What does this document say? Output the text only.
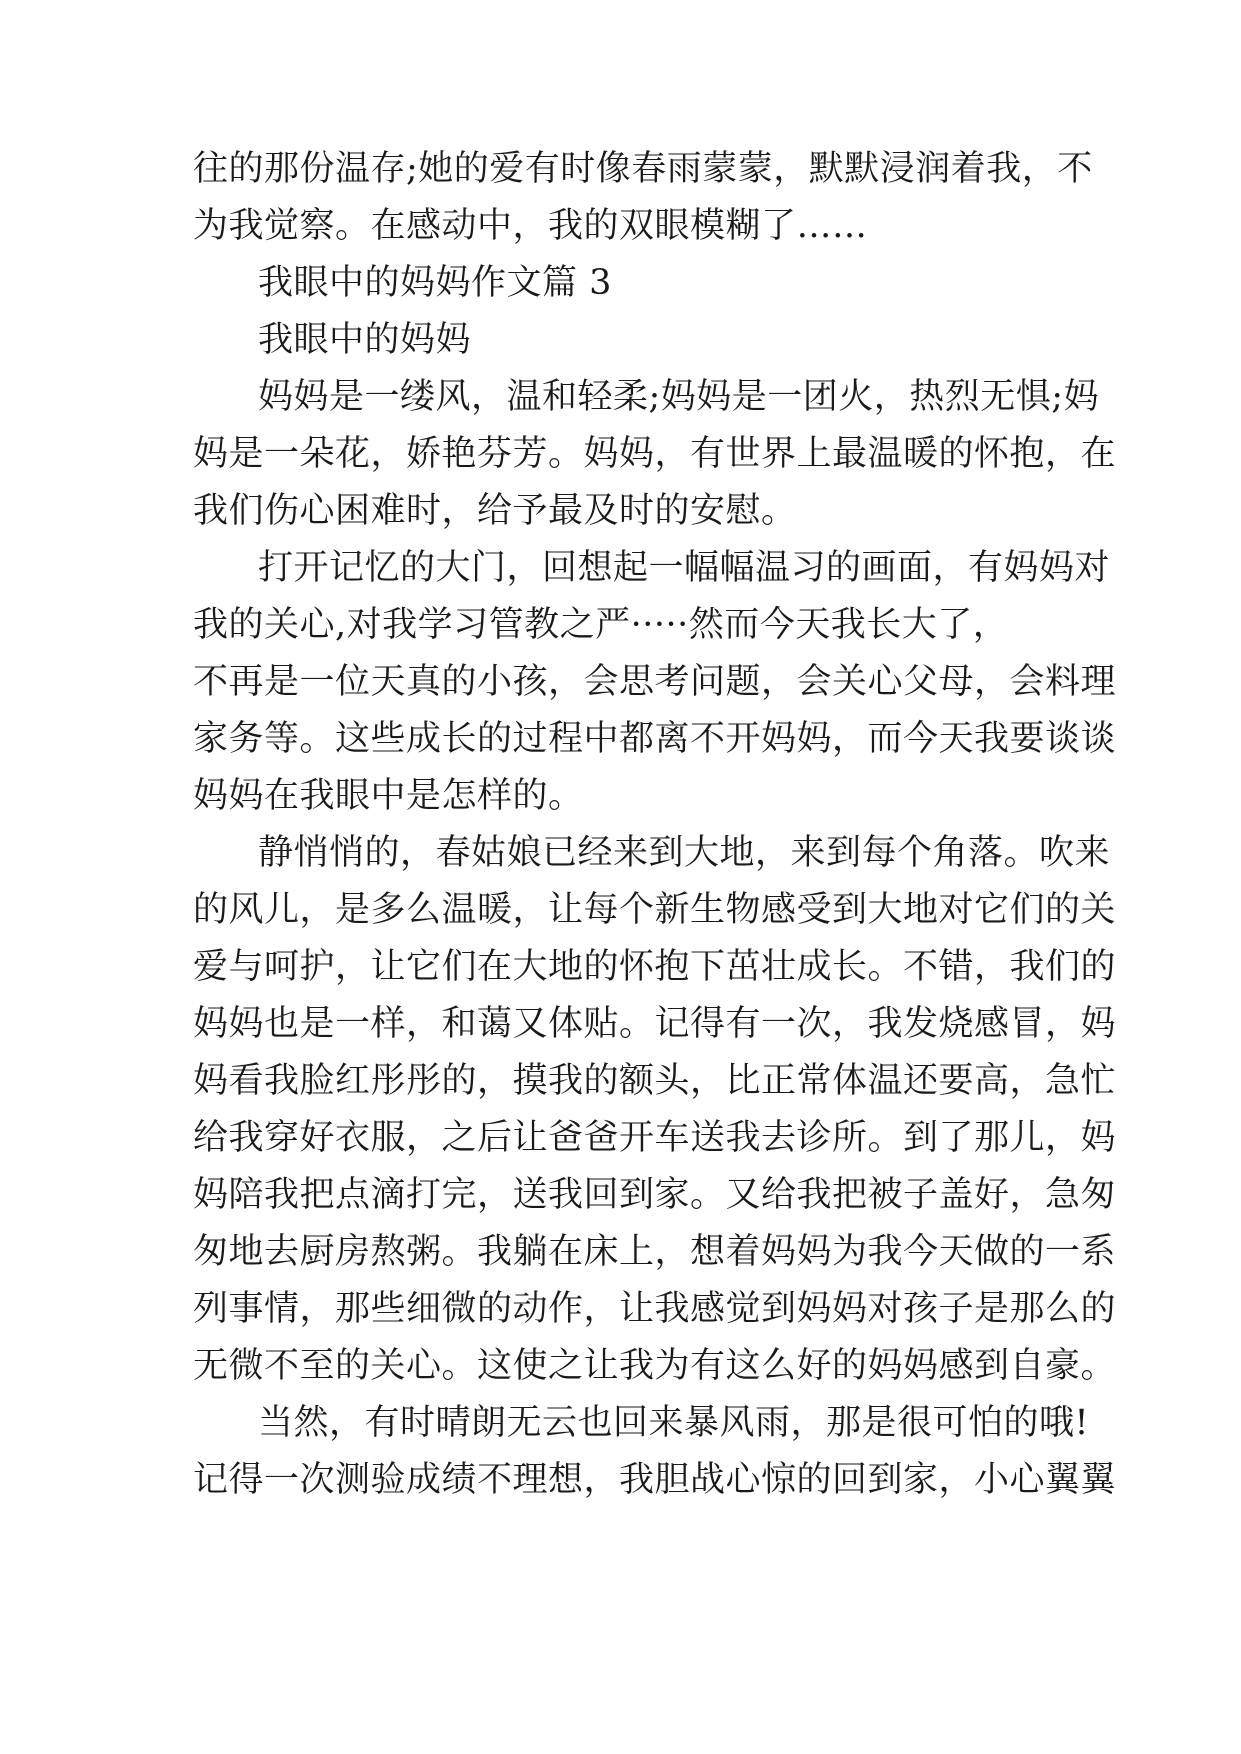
往的那份温存;她的爱有时像春雨蒙蒙，默默浸润着我，不
为我觉察。在感动中，我的双眼模糊了……
我眼中的妈妈作文篇 3
我眼中的妈妈
妈妈是一缕风，温和轻柔;妈妈是一团火，热烈无惧;妈
妈是一朵花，娇艳芬芳。妈妈，有世界上最温暖的怀抱，在
我们伤心困难时，给予最及时的安慰。
打开记忆的大门，回想起一幅幅温习的画面，有妈妈对
我的关心,对我学习管教之严·····然而今天我长大了，
不再是一位天真的小孩，会思考问题，会关心父母，会料理
家务等。这些成长的过程中都离不开妈妈，而今天我要谈谈
妈妈在我眼中是怎样的。
静悄悄的，春姑娘已经来到大地，来到每个角落。吹来
的风儿，是多么温暖，让每个新生物感受到大地对它们的关
爱与呵护，让它们在大地的怀抱下茁壮成长。不错，我们的
妈妈也是一样，和蔼又体贴。记得有一次，我发烧感冒，妈
妈看我脸红彤彤的，摸我的额头，比正常体温还要高，急忙
给我穿好衣服，之后让爸爸开车送我去诊所。到了那儿，妈
妈陪我把点滴打完，送我回到家。又给我把被子盖好，急匆
匆地去厨房熬粥。我躺在床上，想着妈妈为我今天做的一系
列事情，那些细微的动作，让我感觉到妈妈对孩子是那么的
无微不至的关心。这使之让我为有这么好的妈妈感到自豪。
当然，有时晴朗无云也回来暴风雨，那是很可怕的哦!
记得一次测验成绩不理想，我胆战心惊的回到家，小心翼翼
